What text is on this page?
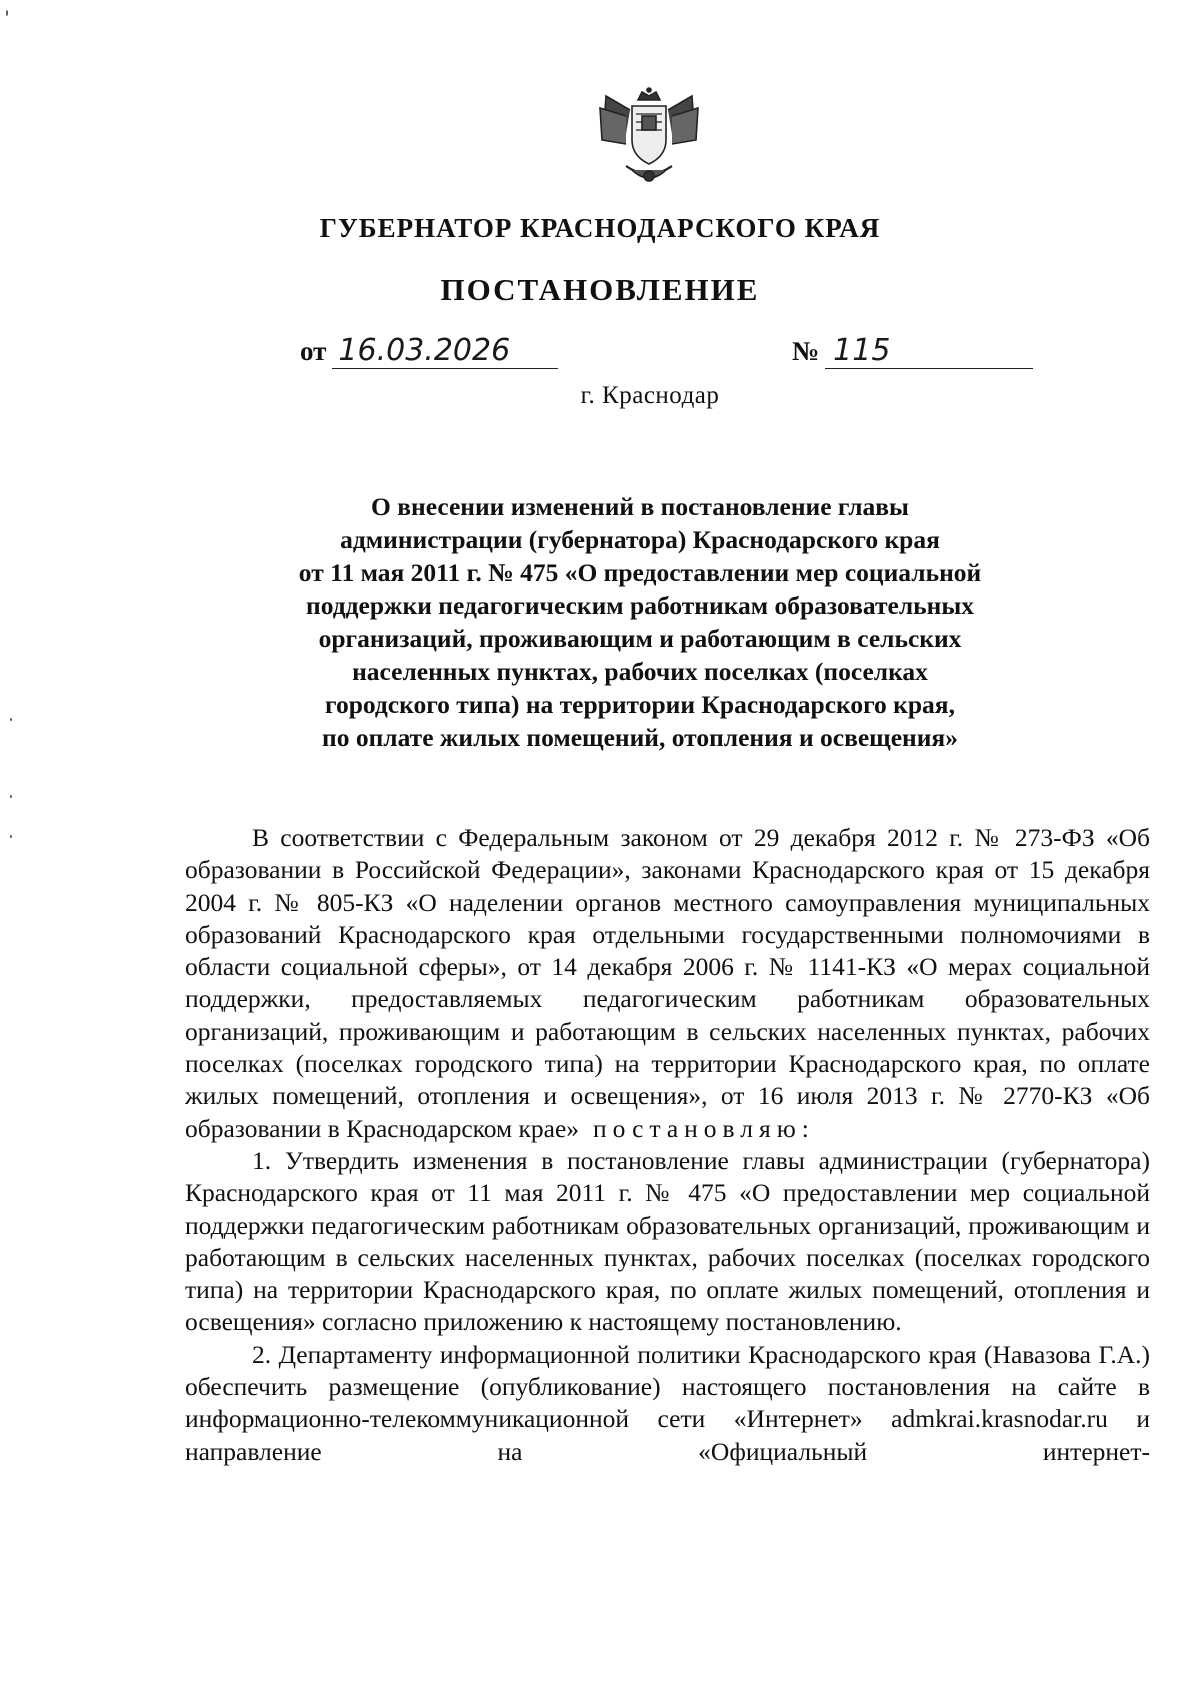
ГУБЕРНАТОР КРАСНОДАРСКОГО КРАЯ
ПОСТАНОВЛЕНИЕ
от 16.03.2026	№ 115
г. Краснодар
О внесении изменений в постановление главы
администрации (губернатора) Краснодарского края
от 11 мая 2011 г. № 475 «О предоставлении мер социальной
поддержки педагогическим работникам образовательных
организаций, проживающим и работающим в сельских
населенных пунктах, рабочих поселках (поселках
городского типа) на территории Краснодарского края,
по оплате жилых помещений, отопления и освещения»

В соответствии с Федеральным законом от 29 декабря 2012 г. № 273-ФЗ «Об образовании в Российской Федерации», законами Краснодарского края от 15 декабря 2004 г. № 805-КЗ «О наделении органов местного самоуправления муниципальных образований Краснодарского края отдельными государственными полномочиями в области социальной сферы», от 14 декабря 2006 г. № 1141-КЗ «О мерах социальной поддержки, предоставляемых педагогическим работникам образовательных организаций, проживающим и работающим в сельских населенных пунктах, рабочих поселках (поселках городского типа) на территории Краснодарского края, по оплате жилых помещений, отопления и освещения», от 16 июля 2013 г. № 2770-КЗ «Об образовании в Краснодарском крае» постановляю:

1. Утвердить изменения в постановление главы администрации (губернатора) Краснодарского края от 11 мая 2011 г. № 475 «О предоставлении мер социальной поддержки педагогическим работникам образовательных организаций, проживающим и работающим в сельских населенных пунктах, рабочих поселках (поселках городского типа) на территории Краснодарского края, по оплате жилых помещений, отопления и освещения» согласно приложению к настоящему постановлению.

2. Департаменту информационной политики Краснодарского края (Навазова Г.А.) обеспечить размещение (опубликование) настоящего постановления на сайте в информационно-телекоммуникационной сети «Интернет» admkrai.krasnodar.ru и направление на «Официальный интернет-
